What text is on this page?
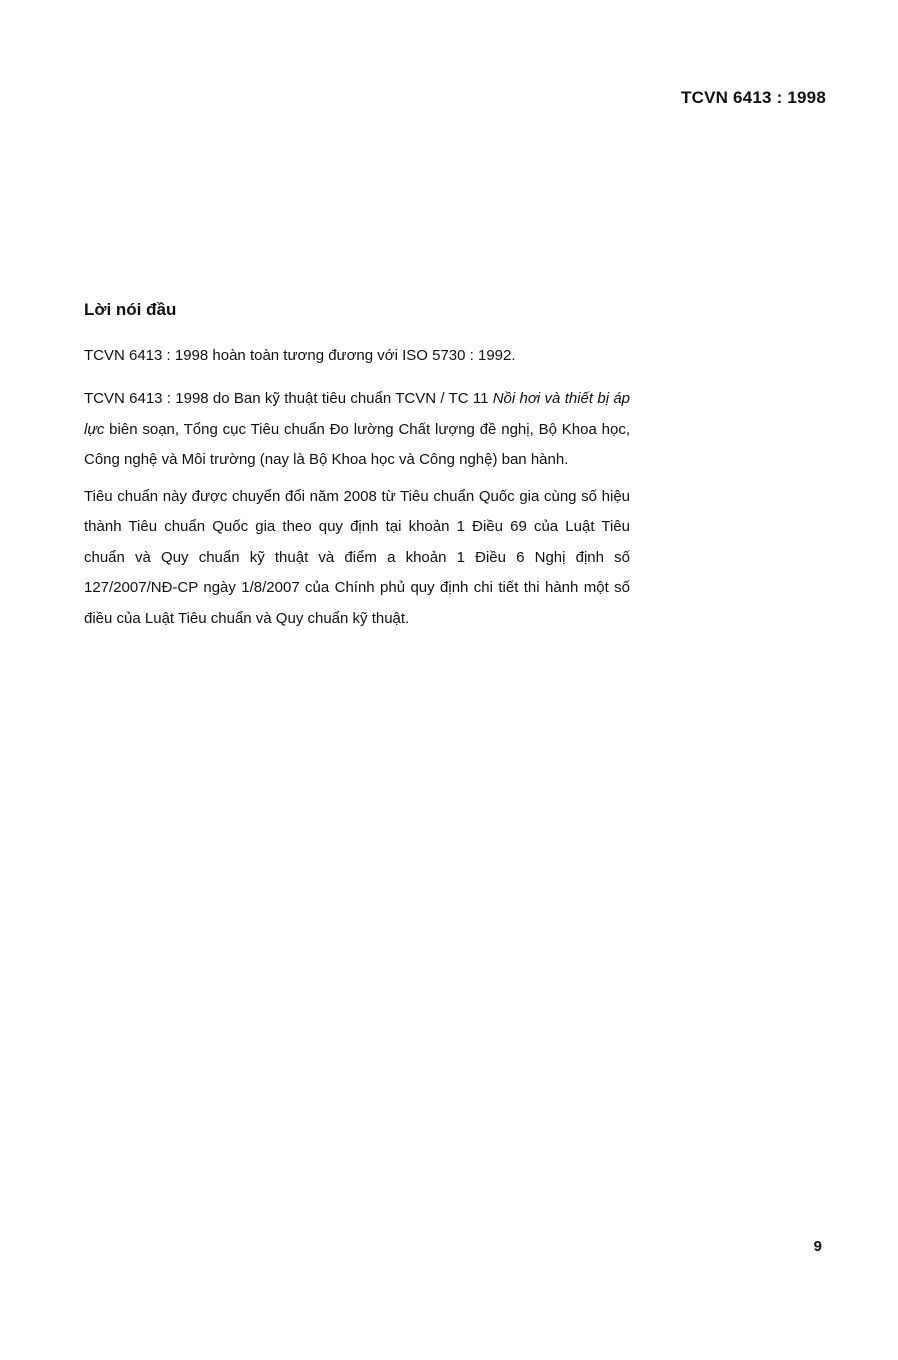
TCVN 6413 : 1998
Lời nói đầu

TCVN 6413 : 1998 hoàn toàn tương đương với ISO 5730 : 1992.

TCVN 6413 : 1998 do Ban kỹ thuật tiêu chuẩn TCVN / TC 11 Nồi hơi và thiết bị áp lực biên soạn, Tổng cục Tiêu chuẩn Đo lường Chất lượng đề nghị, Bộ Khoa học, Công nghệ và Môi trường (nay là Bộ Khoa học và Công nghệ) ban hành.

Tiêu chuẩn này được chuyển đổi năm 2008 từ Tiêu chuẩn Quốc gia cùng số hiệu thành Tiêu chuẩn Quốc gia theo quy định tại khoản 1 Điều 69 của Luật Tiêu chuẩn và Quy chuẩn kỹ thuật và điểm a khoản 1 Điều 6 Nghị định số 127/2007/NĐ-CP ngày 1/8/2007 của Chính phủ quy định chi tiết thi hành một số điều của Luật Tiêu chuẩn và Quy chuẩn kỹ thuật.

9
